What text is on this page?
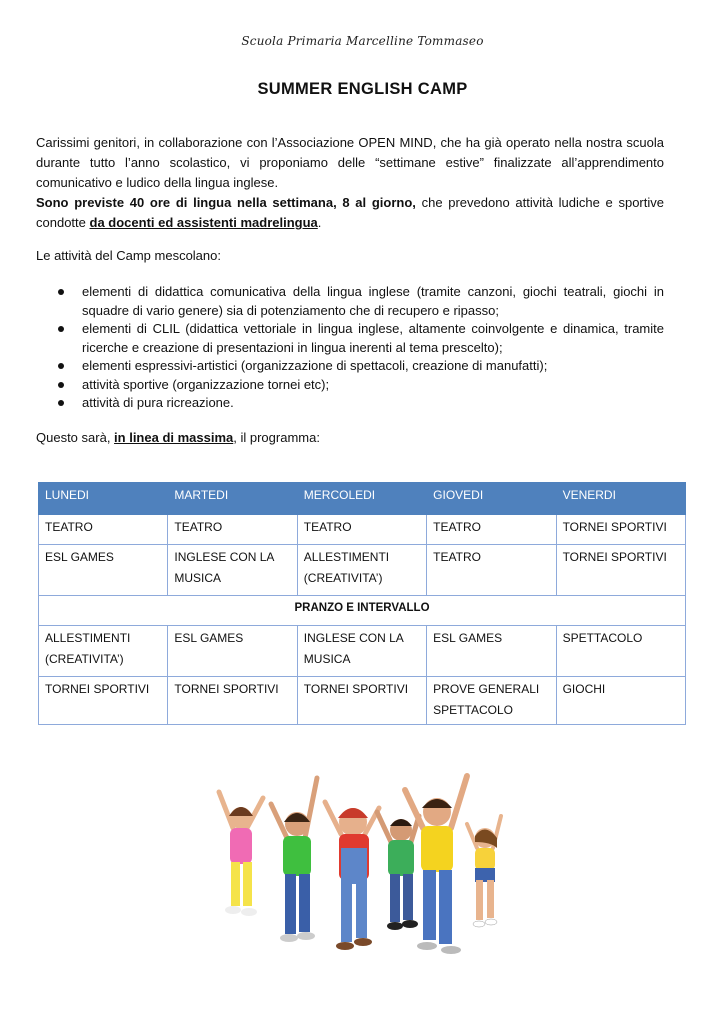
Scuola Primaria Marcelline Tommaseo
SUMMER ENGLISH CAMP
Carissimi genitori, in collaborazione con l’Associazione OPEN MIND, che ha già operato nella nostra scuola durante tutto l’anno scolastico, vi proponiamo delle “settimane estive” finalizzate all’apprendimento comunicativo e ludico della lingua inglese.
Sono previste 40 ore di lingua nella settimana, 8 al giorno, che prevedono attività ludiche e sportive condotte da docenti ed assistenti madrelingua.
Le attività del Camp mescolano:
elementi di didattica comunicativa della lingua inglese (tramite canzoni, giochi teatrali, giochi in squadre di vario genere) sia di potenziamento che di recupero e ripasso;
elementi di CLIL (didattica vettoriale in lingua inglese, altamente coinvolgente e dinamica, tramite ricerche e creazione di presentazioni in lingua inerenti al tema prescelto);
elementi espressivi-artistici (organizzazione di spettacoli, creazione di manufatti);
attività sportive (organizzazione tornei etc);
attività di pura ricreazione.
Questo sarà, in linea di massima, il programma:
LUNEDI	MARTEDI	MERCOLEDI	GIOVEDI	VENERDI
TEATRO	TEATRO	TEATRO	TEATRO	TORNEI SPORTIVI
ESL GAMES	INGLESE CON LA MUSICA	ALLESTIMENTI (CREATIVITA’)	TEATRO	TORNEI SPORTIVI
PRANZO E INTERVALLO				
ALLESTIMENTI (CREATIVITA’)	ESL GAMES	INGLESE CON LA MUSICA	ESL GAMES	SPETTACOLO
TORNEI SPORTIVI	TORNEI SPORTIVI	TORNEI SPORTIVI	PROVE GENERALI SPETTACOLO	GIOCHI
